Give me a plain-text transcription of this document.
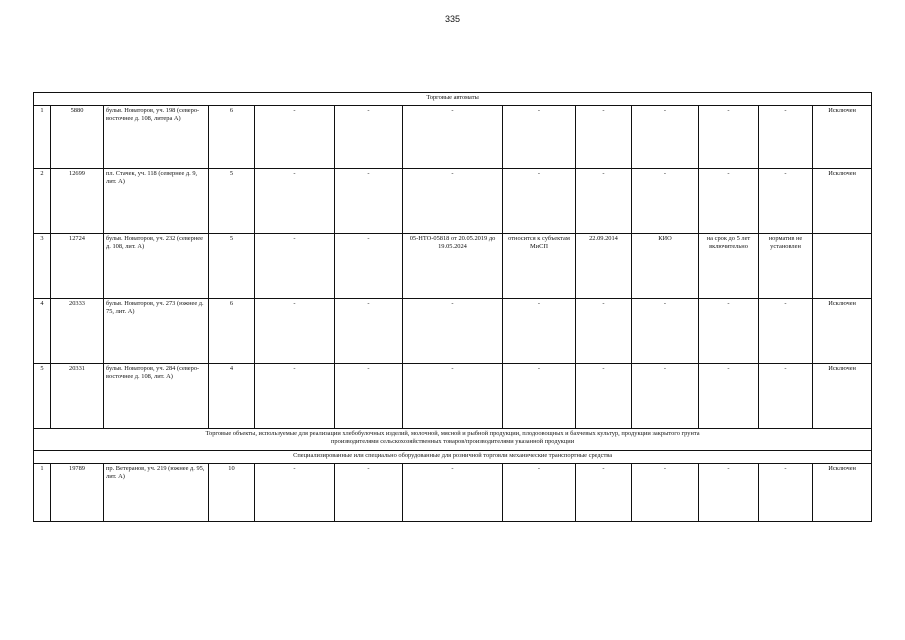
335
Торговые автоматы												
1	5880	бульв. Новаторов, уч. 198 (северо-восточнее д. 108, литера А)	6	-	-	-	-	-	-	-	-	Исключен
2	12699	пл. Стачек, уч. 118 (севернее д. 9, лит. А)	5	-	-	-	-	-	-	-	-	Исключен
3	12724	бульв. Новаторов, уч. 232 (севернее д. 108, лит. А)	5	-	-	05-НТО-05818 от 20.05.2019 до 19.05.2024	относится к субъектам МиСП	22.09.2014	КИО	на срок до 5 лет включительно	норматив не установлен	
4	20333	бульв. Новаторов, уч. 273 (южнее д. 75, лит. А)	6	-	-	-	-	-	-	-	-	Исключен
5	20331	бульв. Новаторов, уч. 284 (северо-восточнее д. 108, лит. А)	4	-	-	-	-	-	-	-	-	Исключен

Торговые объекты, используемые для реализации хлебобулочных изделий, молочной, мясной и рыбной продукции, плодоовощных и бахчевых культур, продукции закрытого грунта
производителями сельскохозяйственных товаров/производителями указанной продукции												

Специализированные или специально оборудованные для розничной торговли механические транспортные средства												
1	19789	пр. Ветеранов, уч. 219 (южнее д. 95, лит. А)	10	-	-	-	-	-	-	-	-	Исключен
